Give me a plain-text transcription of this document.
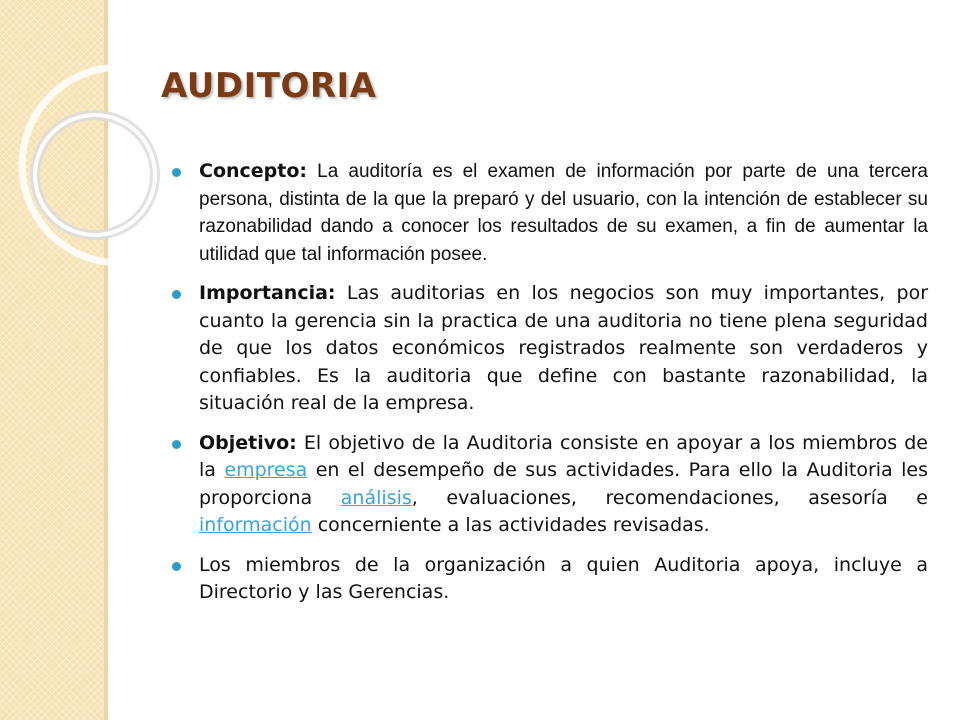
AUDITORIA
Concepto: La auditoría es el examen de información por parte de una tercera persona, distinta de la que la preparó y del usuario, con la intención de establecer su razonabilidad dando a conocer los resultados de su examen, a fin de aumentar la utilidad que tal información posee.
Importancia: Las auditorias en los negocios son muy importantes, por cuanto la gerencia sin la practica de una auditoria no tiene plena seguridad de que los datos económicos registrados realmente son verdaderos y confiables. Es la auditoria que define con bastante razonabilidad, la situación real de la empresa.
Objetivo: El objetivo de la Auditoria consiste en apoyar a los miembros de la empresa en el desempeño de sus actividades. Para ello la Auditoria les proporciona análisis, evaluaciones, recomendaciones, asesoría e información concerniente a las actividades revisadas.
Los miembros de la organización a quien Auditoria apoya, incluye a Directorio y las Gerencias.
